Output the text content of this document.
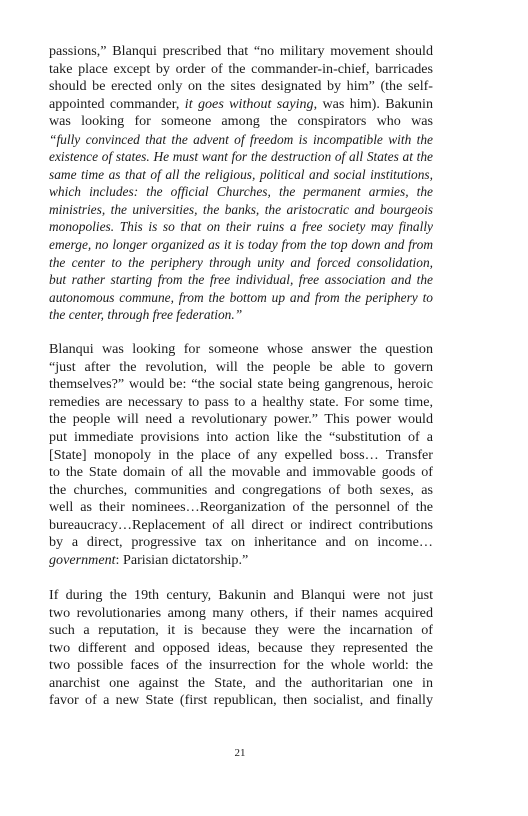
passions,” Blanqui prescribed that “no military movement should
take place except by order of the commander-in-chief, barricades
should be erected only on the sites designated by him” (the self-
appointed commander, it goes without saying, was him). Bakunin
was looking for someone among the conspirators who was
“fully convinced that the advent of freedom is incompatible with the
existence of states. He must want for the destruction of all States at the
same time as that of all the religious, political and social institutions,
which includes: the official Churches, the permanent armies, the
ministries, the universities, the banks, the aristocratic and bourgeois
monopolies. This is so that on their ruins a free society may finally
emerge, no longer organized as it is today from the top down and from
the center to the periphery through unity and forced consolidation,
but rather starting from the free individual, free association and the
autonomous commune, from the bottom up and from the periphery to
the center, through free federation.”

Blanqui was looking for someone whose answer the question
“just after the revolution, will the people be able to govern
themselves?” would be: “the social state being gangrenous, heroic
remedies are necessary to pass to a healthy state. For some time,
the people will need a revolutionary power.” This power would
put immediate provisions into action like the “substitution of a
[State] monopoly in the place of any expelled boss… Transfer
to the State domain of all the movable and immovable goods of
the churches, communities and congregations of both sexes, as
well as their nominees…Reorganization of the personnel of the
bureaucracy…Replacement of all direct or indirect contributions
by a direct, progressive tax on inheritance and on income…
government: Parisian dictatorship.”

If during the 19th century, Bakunin and Blanqui were not just
two revolutionaries among many others, if their names acquired
such a reputation, it is because they were the incarnation of
two different and opposed ideas, because they represented the
two possible faces of the insurrection for the whole world: the
anarchist one against the State, and the authoritarian one in
favor of a new State (first republican, then socialist, and finally

21
